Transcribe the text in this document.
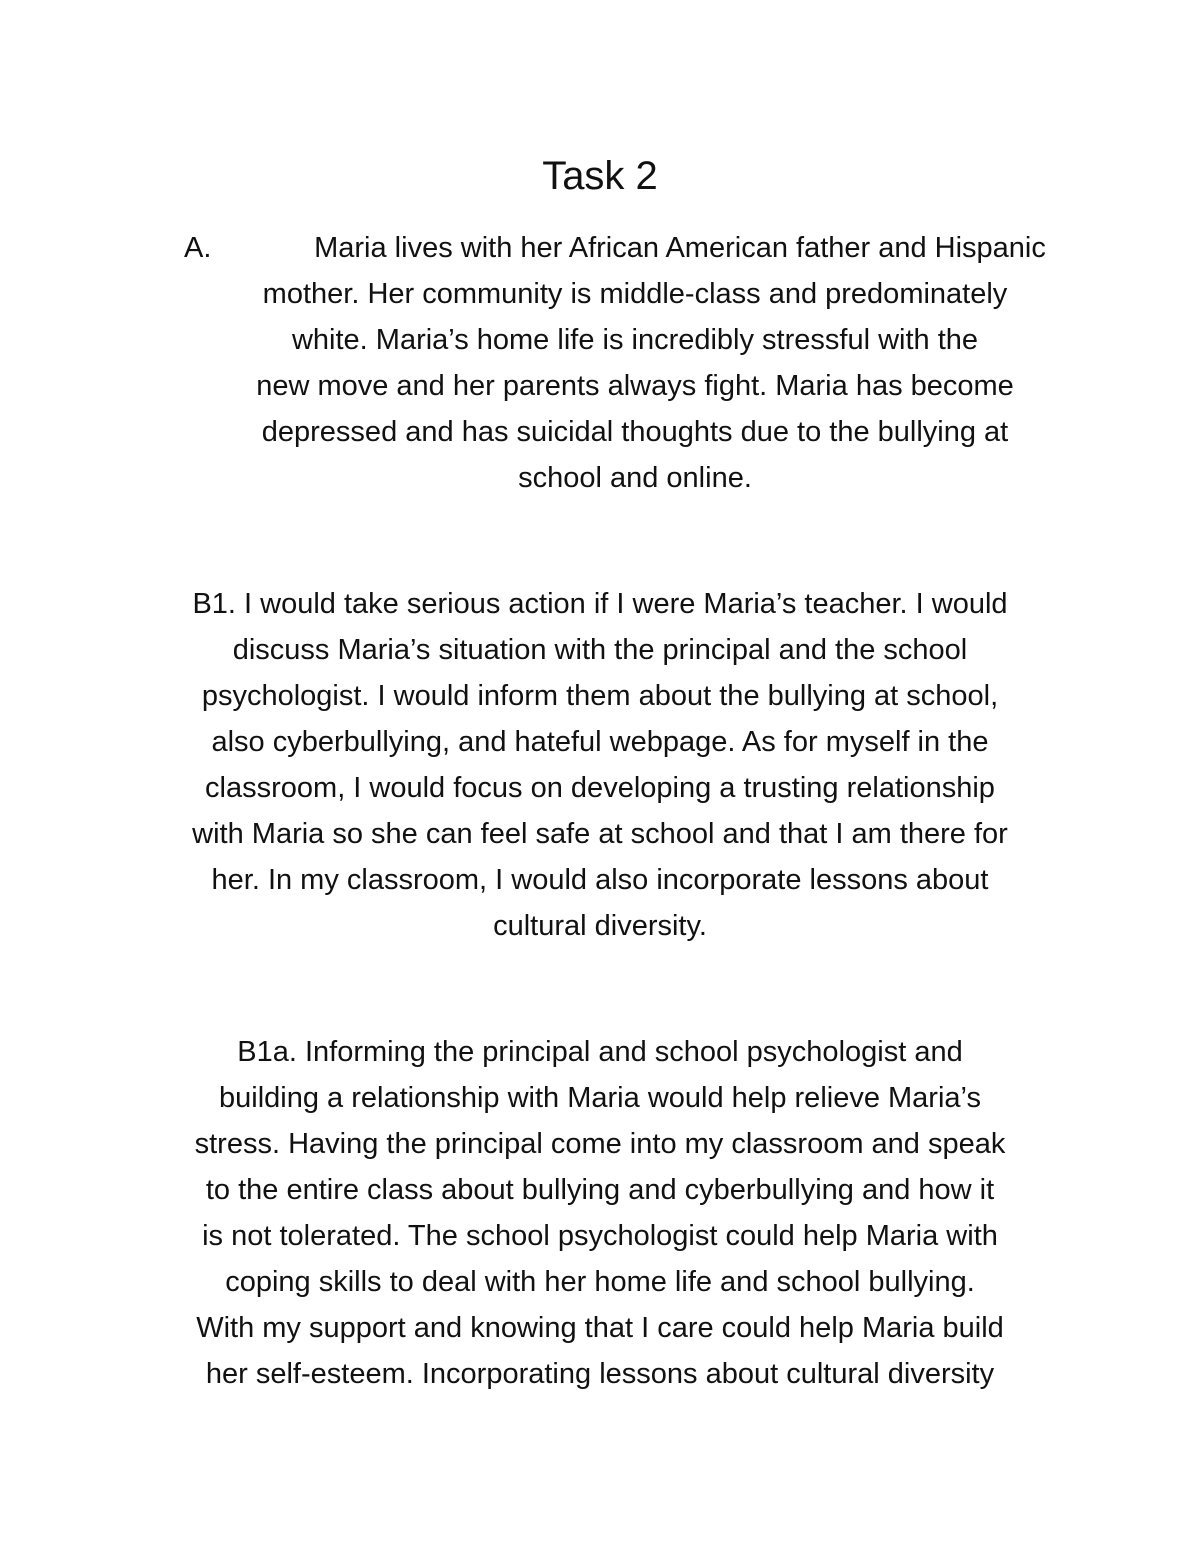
Task 2
A.	Maria lives with her African American father and Hispanic
mother. Her community is middle-class and predominately
white. Maria’s home life is incredibly stressful with the
new move and her parents always fight. Maria has become
depressed and has suicidal thoughts due to the bullying at
school and online.
B1. I would take serious action if I were Maria’s teacher. I would
discuss Maria’s situation with the principal and the school
psychologist. I would inform them about the bullying at school,
also cyberbullying, and hateful webpage. As for myself in the
classroom, I would focus on developing a trusting relationship
with Maria so she can feel safe at school and that I am there for
her. In my classroom, I would also incorporate lessons about
cultural diversity.
B1a. Informing the principal and school psychologist and
building a relationship with Maria would help relieve Maria’s
stress. Having the principal come into my classroom and speak
to the entire class about bullying and cyberbullying and how it
is not tolerated. The school psychologist could help Maria with
coping skills to deal with her home life and school bullying.
With my support and knowing that I care could help Maria build
her self-esteem. Incorporating lessons about cultural diversity
